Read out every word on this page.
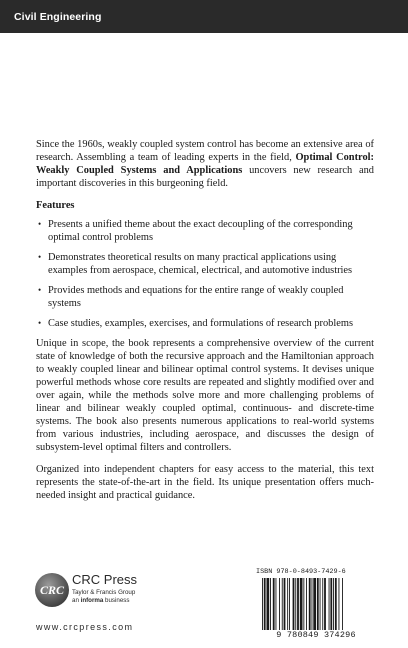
Civil Engineering

Since the 1960s, weakly coupled system control has become an extensive area of research. Assembling a team of leading experts in the field, Optimal Control: Weakly Coupled Systems and Applications uncovers new research and important discoveries in this burgeoning field.

Features
• Presents a unified theme about the exact decoupling of the corresponding optimal control problems
• Demonstrates theoretical results on many practical applications using examples from aerospace, chemical, electrical, and automotive industries
• Provides methods and equations for the entire range of weakly coupled systems
• Case studies, examples, exercises, and formulations of research problems

Unique in scope, the book represents a comprehensive overview of the current state of knowledge of both the recursive approach and the Hamiltonian approach to weakly coupled linear and bilinear optimal control systems. It devises unique powerful methods whose core results are repeated and slightly modified over and over again, while the methods solve more and more challenging problems of linear and bilinear weakly coupled optimal, continuous- and discrete-time systems. The book also presents numerous applications to real-world systems from various industries, including aerospace, and discusses the design of subsystem-level optimal filters and controllers.

Organized into independent chapters for easy access to the material, this text represents the state-of-the-art in the field. Its unique presentation offers much-needed insight and practical guidance.

CRC
CRC Press
Taylor & Francis Group
an informa business
www.crcpress.com
ISBN 978-0-8493-7429-6
9 780849 374296
